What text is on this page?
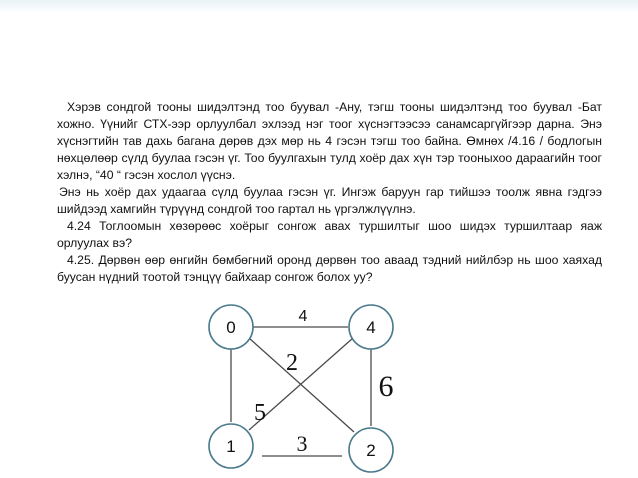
Хэрэв сондгой тооны шидэлтэнд тоо буувал -Ану, тэгш тооны шидэлтэнд тоо буувал -Бат хожно. Үүнийг СТХ-ээр орлуулбал эхлээд нэг тоог хүснэгтээсээ санамсаргүйгээр дарна. Энэ хүснэгтийн тав дахь багана дөрөв дэх мөр нь 4 гэсэн тэгш тоо байна. Өмнөх /4.16 / бодлогын нөхцөлөөр сүлд буулаа гэсэн үг. Тоо буулгахын тулд хоёр дах хүн тэр тооныхоо дараагийн тоог хэлнэ, “40 “ гэсэн хослол үүснэ.

Энэ нь хоёр дах удаагаа сүлд буулаа гэсэн үг. Ингэж баруун гар тийшээ тоолж явна гэдгээ шийдээд хамгийн түрүүнд сондгой тоо гартал нь үргэлжлүүлнэ.

4.24 Тоглоомын хөзөрөөс хоёрыг сонгож авах туршилтыг шоо шидэх туршилтаар яаж орлуулах вэ?

4.25. Дөрвөн өөр өнгийн бөмбөгний оронд дөрвөн тоо аваад тэдний нийлбэр нь шоо хаяхад буусан нүдний тоотой тэнцүү байхаар сонгож болох уу?

0	4
1	2
4
2
5
3
6
